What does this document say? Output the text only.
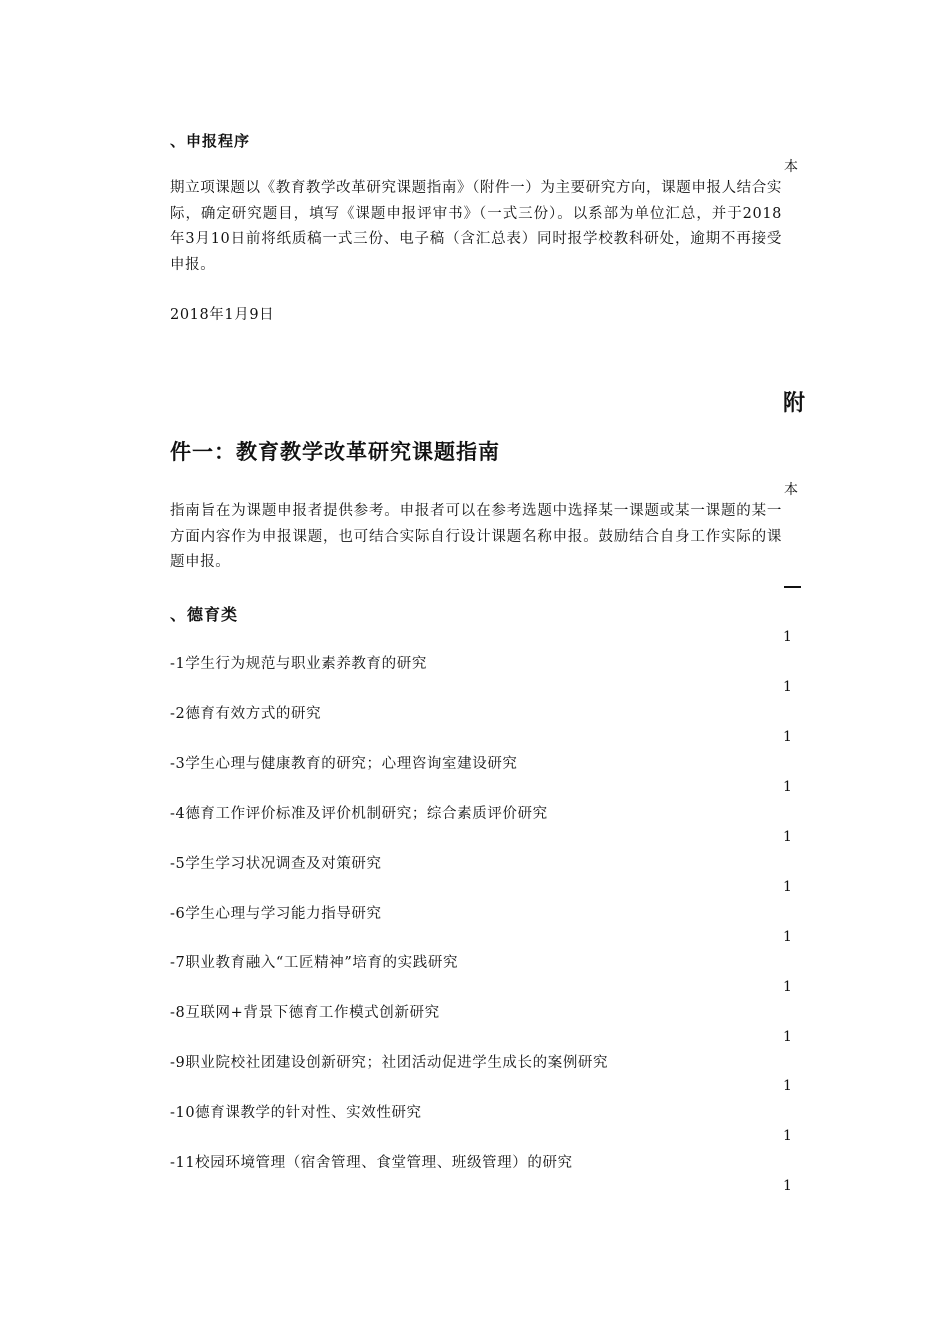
、申报程序

本

期立项课题以《教育教学改革研究课题指南》（附件一）为主要研究方向，课题申报人结合实际，确定研究题目，填写《课题申报评审书》（一式三份）。以系部为单位汇总，并于2018年3月10日前将纸质稿一式三份、电子稿（含汇总表）同时报学校教科研处，逾期不再接受申报。

2018年1月9日

附

件一：教育教学改革研究课题指南

本

指南旨在为课题申报者提供参考。申报者可以在参考选题中选择某一课题或某一课题的某一方面内容作为申报课题，也可结合实际自行设计课题名称申报。鼓励结合自身工作实际的课题申报。

、德育类

1

-1学生行为规范与职业素养教育的研究

1

-2德育有效方式的研究

1

-3学生心理与健康教育的研究；心理咨询室建设研究

1

-4德育工作评价标准及评价机制研究；综合素质评价研究

1

-5学生学习状况调查及对策研究

1

-6学生心理与学习能力指导研究

1

-7职业教育融入“工匠精神”培育的实践研究

1

-8互联网+背景下德育工作模式创新研究

1

-9职业院校社团建设创新研究；社团活动促进学生成长的案例研究

1

-10德育课教学的针对性、实效性研究

1

-11校园环境管理（宿舍管理、食堂管理、班级管理）的研究

1
